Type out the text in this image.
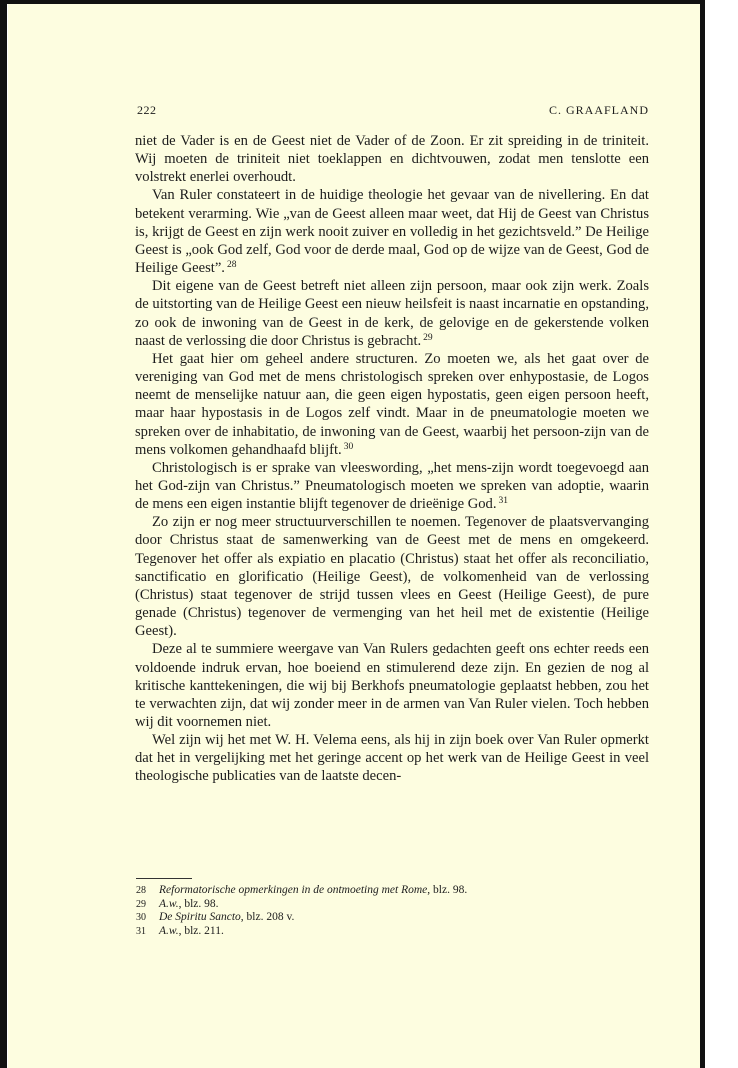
222	C. GRAAFLAND

niet de Vader is en de Geest niet de Vader of de Zoon. Er zit spreiding in de triniteit. Wij moeten de triniteit niet toeklappen en dichtvouwen, zodat men tenslotte een volstrekt enerlei overhoudt.

Van Ruler constateert in de huidige theologie het gevaar van de nivellering. En dat betekent verarming. Wie „van de Geest alleen maar weet, dat Hij de Geest van Christus is, krijgt de Geest en zijn werk nooit zuiver en volledig in het gezichtsveld.” De Heilige Geest is „ook God zelf, God voor de derde maal, God op de wijze van de Geest, God de Heilige Geest”. $^{28}$

Dit eigene van de Geest betreft niet alleen zijn persoon, maar ook zijn werk. Zoals de uitstorting van de Heilige Geest een nieuw heilsfeit is naast incarnatie en opstanding, zo ook de inwoning van de Geest in de kerk, de gelovige en de gekerstende volken naast de verlossing die door Christus is gebracht. $^{29}$

Het gaat hier om geheel andere structuren. Zo moeten we, als het gaat over de vereniging van God met de mens christologisch spreken over enhypostasie, de Logos neemt de menselijke natuur aan, die geen eigen hypostatis, geen eigen persoon heeft, maar haar hypostasis in de Logos zelf vindt. Maar in de pneumatologie moeten we spreken over de inhabitatio, de inwoning van de Geest, waarbij het persoon-zijn van de mens volkomen gehandhaafd blijft. $^{30}$

Christologisch is er sprake van vleeswording, „het mens-zijn wordt toegevoegd aan het God-zijn van Christus.” Pneumatologisch moeten we spreken van adoptie, waarin de mens een eigen instantie blijft tegenover de drieënige God. $^{31}$

Zo zijn er nog meer structuurverschillen te noemen. Tegenover de plaatsvervanging door Christus staat de samenwerking van de Geest met de mens en omgekeerd. Tegenover het offer als expiatio en placatio (Christus) staat het offer als reconciliatio, sanctificatio en glorificatio (Heilige Geest), de volkomenheid van de verlossing (Christus) staat tegenover de strijd tussen vlees en Geest (Heilige Geest), de pure genade (Christus) tegenover de vermenging van het heil met de existentie (Heilige Geest).

Deze al te summiere weergave van Van Rulers gedachten geeft ons echter reeds een voldoende indruk ervan, hoe boeiend en stimulerend deze zijn. En gezien de nog al kritische kanttekeningen, die wij bij Berkhofs pneumatologie geplaatst hebben, zou het te verwachten zijn, dat wij zonder meer in de armen van Van Ruler vielen. Toch hebben wij dit voornemen niet.

Wel zijn wij het met W. H. Velema eens, als hij in zijn boek over Van Ruler opmerkt dat het in vergelijking met het geringe accent op het werk van de Heilige Geest in veel theologische publicaties van de laatste decen-

28 Reformatorische opmerkingen in de ontmoeting met Rome, blz. 98.
29 A.w., blz. 98.
30 De Spiritu Sancto, blz. 208 v.
31 A.w., blz. 211.
